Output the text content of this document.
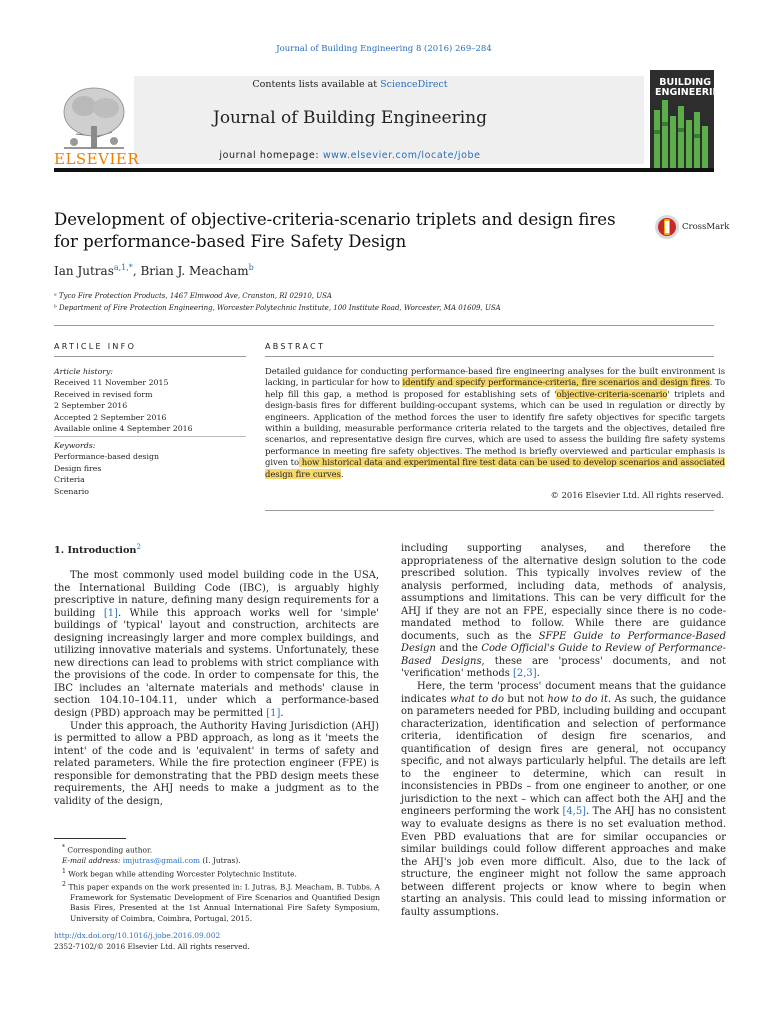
Journal of Building Engineering 8 (2016) 269–284
ELSEVIER
Contents lists available at ScienceDirect
Journal of Building Engineering
journal homepage: www.elsevier.com/locate/jobe
BUILDING
ENGINEERING
Development of objective-criteria-scenario triplets and design fires for performance-based Fire Safety Design
CrossMark
Ian Jutras$^{a,1,*}$, Brian J. Meacham$^b$
ᵃ Tyco Fire Protection Products, 1467 Elmwood Ave, Cranston, RI 02910, USA
ᵇ Department of Fire Protection Engineering, Worcester Polytechnic Institute, 100 Institute Road, Worcester, MA 01609, USA
ARTICLE INFO	ABSTRACT
Article history:
Received 11 November 2015
Received in revised form
2 September 2016
Accepted 2 September 2016
Available online 4 September 2016
Keywords:
Performance-based design
Design fires
Criteria
Scenario
Detailed guidance for conducting performance-based fire engineering analyses for the built environment is lacking, in particular for how to identify and specify performance-criteria, fire scenarios and design fires. To help fill this gap, a method is proposed for establishing sets of 'objective-criteria-scenario' triplets and design-basis fires for different building-occupant systems, which can be used in regulation or directly by engineers. Application of the method forces the user to identify fire safety objectives for specific targets within a building, measurable performance criteria related to the targets and the objectives, detailed fire scenarios, and representative design fire curves, which are used to assess the building fire safety systems performance in meeting fire safety objectives. The method is briefly overviewed and particular emphasis is given to how historical data and experimental fire test data can be used to develop scenarios and associated design fire curves.
© 2016 Elsevier Ltd. All rights reserved.
1. Introduction$^2$

The most commonly used model building code in the USA, the International Building Code (IBC), is arguably highly prescriptive in nature, defining many design requirements for a building [1]. While this approach works well for 'simple' buildings of 'typical' layout and construction, architects are designing increasingly larger and more complex buildings, and utilizing innovative materials and systems. Unfortunately, these new directions can lead to problems with strict compliance with the provisions of the code. In order to compensate for this, the IBC includes an 'alternate materials and methods' clause in section 104.10–104.11, under which a performance-based design (PBD) approach may be permitted [1].

Under this approach, the Authority Having Jurisdiction (AHJ) is permitted to allow a PBD approach, as long as it 'meets the intent' of the code and is 'equivalent' in terms of safety and related parameters. While the fire protection engineer (FPE) is responsible for demonstrating that the PBD design meets these requirements, the AHJ needs to make a judgment as to the validity of the design,

* Corresponding author.
E-mail address: imjutras@gmail.com (I. Jutras).
$^1$ Work began while attending Worcester Polytechnic Institute.
$^2$ This paper expands on the work presented in: I. Jutras, B.J. Meacham, B. Tubbs, A Framework for Systematic Development of Fire Scenarios and Quantified Design Basis Fires, Presented at the 1st Annual International Fire Safety Symposium, University of Coimbra, Coimbra, Portugal, 2015.
http://dx.doi.org/10.1016/j.jobe.2016.09.002
2352-7102/© 2016 Elsevier Ltd. All rights reserved.

including supporting analyses, and therefore the appropriateness of the alternative design solution to the code prescribed solution. This typically involves review of the analysis performed, including data, methods of analysis, assumptions and limitations. This can be very difficult for the AHJ if they are not an FPE, especially since there is no code-mandated method to follow. While there are guidance documents, such as the SFPE Guide to Performance-Based Design and the Code Official's Guide to Review of Performance-Based Designs, these are 'process' documents, and not 'verification' methods [2,3].

Here, the term 'process' document means that the guidance indicates what to do but not how to do it. As such, the guidance on parameters needed for PBD, including building and occupant characterization, identification and selection of performance criteria, identification of design fire scenarios, and quantification of design fires are general, not occupancy specific, and not always particularly helpful. The details are left to the engineer to determine, which can result in inconsistencies in PBDs – from one engineer to another, or one jurisdiction to the next – which can affect both the AHJ and the engineers performing the work [4,5]. The AHJ has no consistent way to evaluate designs as there is no set evaluation method. Even PBD evaluations that are for similar occupancies or similar buildings could follow different approaches and make the AHJ's job even more difficult. Also, due to the lack of structure, the engineer might not follow the same approach between different projects or know where to begin when starting an analysis. This could lead to missing information or faulty assumptions.
